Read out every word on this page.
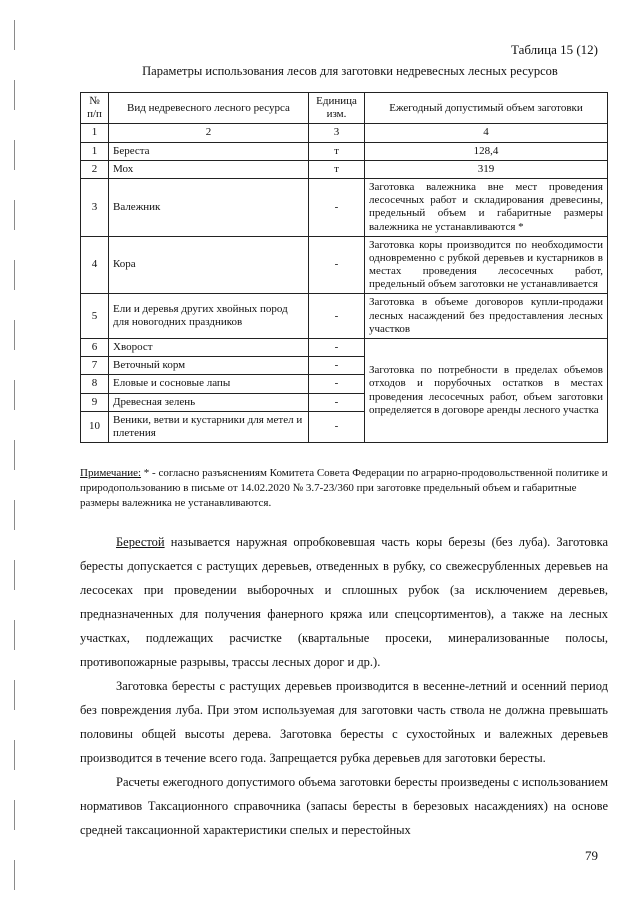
Таблица 15 (12)
Параметры использования лесов для заготовки недревесных лесных ресурсов
№ п/п	Вид недревесного лесного ресурса	Единица изм.	Ежегодный допустимый объем заготовки
1	2	3	4
1	Береста	т	128,4
2	Мох	т	319
3	Валежник	-	Заготовка валежника вне мест проведения лесосечных работ и складирования древесины, предельный объем и габаритные размеры валежника не устанавливаются *
4	Кора	-	Заготовка коры производится по необходимости одновременно с рубкой деревьев и кустарников в местах проведения лесосечных работ, предельный объем заготовки не устанавливается
5	Ели и деревья других хвойных пород для новогодних праздников	-	Заготовка в объеме договоров купли-продажи лесных насаждений без предоставления лесных участков
6	Хворост	-	Заготовка по потребности в пределах объемов отходов и порубочных остатков в местах проведения лесосечных работ, объем заготовки определяется в договоре аренды лесного участка
7	Веточный корм	-	
8	Еловые и сосновые лапы	-	
9	Древесная зелень	-	
10	Веники, ветви и кустарники для метел и плетения	-	
Примечание: * - согласно разъяснениям Комитета Совета Федерации по аграрно-продовольственной политике и природопользованию в письме от 14.02.2020 № 3.7-23/360 при заготовке предельный объем и габаритные размеры валежника не устанавливаются.

Берестой называется наружная опробковевшая часть коры березы (без луба). Заготовка бересты допускается с растущих деревьев, отведенных в рубку, со свежесрубленных деревьев на лесосеках при проведении выборочных и сплошных рубок (за исключением деревьев, предназначенных для получения фанерного кряжа или спецсортиментов), а также на лесных участках, подлежащих расчистке (квартальные просеки, минерализованные полосы, противопожарные разрывы, трассы лесных дорог и др.).

Заготовка бересты с растущих деревьев производится в весенне-летний и осенний период без повреждения луба. При этом используемая для заготовки часть ствола не должна превышать половины общей высоты дерева. Заготовка бересты с сухостойных и валежных деревьев производится в течение всего года. Запрещается рубка деревьев для заготовки бересты.

Расчеты ежегодного допустимого объема заготовки бересты произведены с использованием нормативов Таксационного справочника (запасы бересты в березовых насаждениях) на основе средней таксационной характеристики спелых и перестойных

79
